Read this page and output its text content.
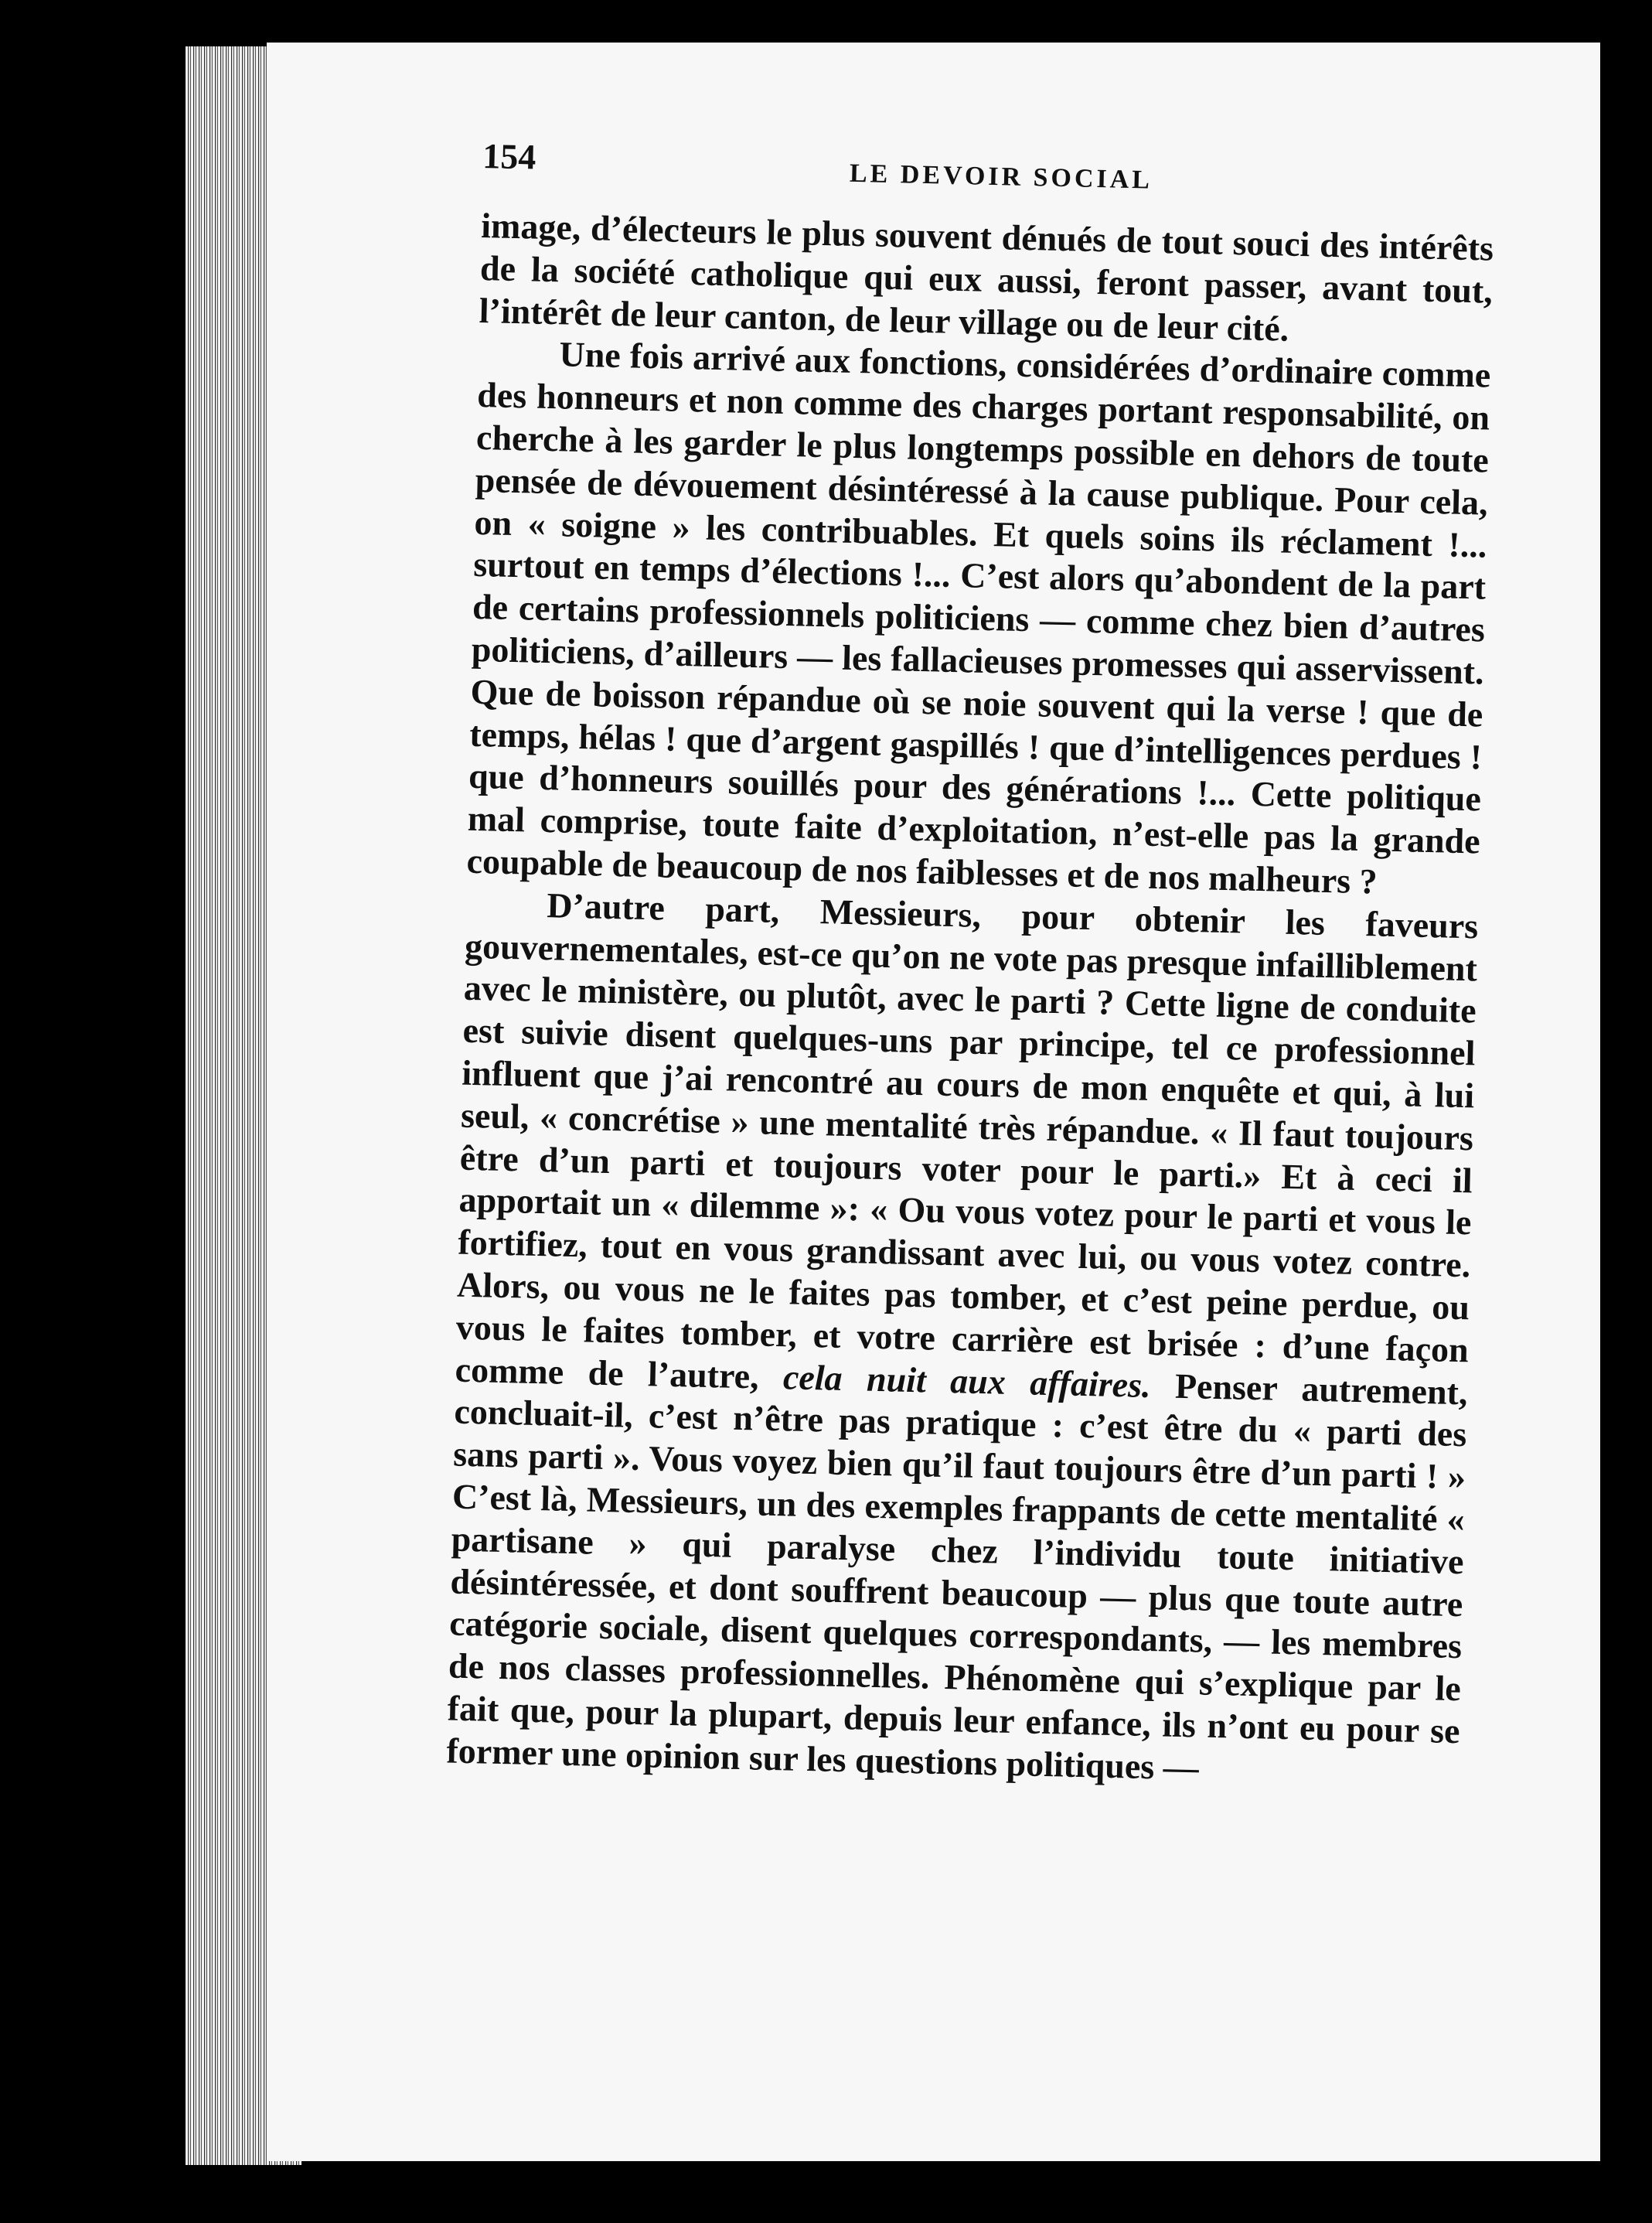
154
LE DEVOIR SOCIAL

image, d’électeurs le plus souvent dénués de tout souci des intérêts de la société catholique qui eux aussi, feront passer, avant tout, l’intérêt de leur canton, de leur village ou de leur cité.

Une fois arrivé aux fonctions, considérées d’ordinaire comme des honneurs et non comme des charges portant responsabilité, on cherche à les garder le plus longtemps possible en dehors de toute pensée de dévouement désintéressé à la cause publique. Pour cela, on « soigne » les contribuables. Et quels soins ils réclament !... surtout en temps d’élections !... C’est alors qu’abondent de la part de certains professionnels politiciens — comme chez bien d’autres politiciens, d’ailleurs — les fallacieuses promesses qui asservissent. Que de boisson répandue où se noie souvent qui la verse ! que de temps, hélas ! que d’argent gaspillés ! que d’intelligences perdues ! que d’honneurs souillés pour des générations !... Cette politique mal comprise, toute faite d’exploitation, n’est-elle pas la grande coupable de beaucoup de nos faiblesses et de nos malheurs ?

D’autre part, Messieurs, pour obtenir les faveurs gouvernementales, est-ce qu’on ne vote pas presque infailliblement avec le ministère, ou plutôt, avec le parti ? Cette ligne de conduite est suivie disent quelques-uns par principe, tel ce professionnel influent que j’ai rencontré au cours de mon enquête et qui, à lui seul, « concrétise » une mentalité très répandue. « Il faut toujours être d’un parti et toujours voter pour le parti.» Et à ceci il apportait un « dilemme »: « Ou vous votez pour le parti et vous le fortifiez, tout en vous grandissant avec lui, ou vous votez contre. Alors, ou vous ne le faites pas tomber, et c’est peine perdue, ou vous le faites tomber, et votre carrière est brisée : d’une façon comme de l’autre, cela nuit aux affaires. Penser autrement, concluait-il, c’est n’être pas pratique : c’est être du « parti des sans parti ». Vous voyez bien qu’il faut toujours être d’un parti ! » C’est là, Messieurs, un des exemples frappants de cette mentalité « partisane » qui paralyse chez l’individu toute initiative désintéressée, et dont souffrent beaucoup — plus que toute autre catégorie sociale, disent quelques correspondants, — les membres de nos classes professionnelles. Phénomène qui s’explique par le fait que, pour la plupart, depuis leur enfance, ils n’ont eu pour se former une opinion sur les questions politiques —
